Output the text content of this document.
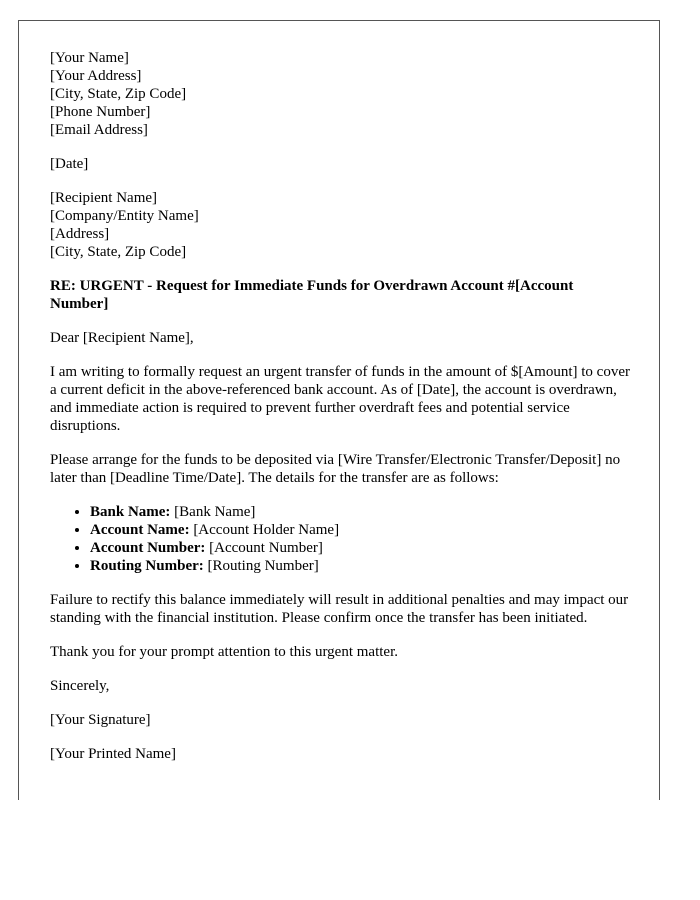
[Your Name]
[Your Address]
[City, State, Zip Code]
[Phone Number]
[Email Address]
[Date]
[Recipient Name]
[Company/Entity Name]
[Address]
[City, State, Zip Code]
RE: URGENT - Request for Immediate Funds for Overdrawn Account #[Account Number]

Dear [Recipient Name],

I am writing to formally request an urgent transfer of funds in the amount of $[Amount] to cover a current deficit in the above-referenced bank account. As of [Date], the account is overdrawn, and immediate action is required to prevent further overdraft fees and potential service disruptions.

Please arrange for the funds to be deposited via [Wire Transfer/Electronic Transfer/Deposit] no later than [Deadline Time/Date]. The details for the transfer are as follows:

• Bank Name: [Bank Name]
• Account Name: [Account Holder Name]
• Account Number: [Account Number]
• Routing Number: [Routing Number]

Failure to rectify this balance immediately will result in additional penalties and may impact our standing with the financial institution. Please confirm once the transfer has been initiated.

Thank you for your prompt attention to this urgent matter.

Sincerely,

[Your Signature]

[Your Printed Name]
